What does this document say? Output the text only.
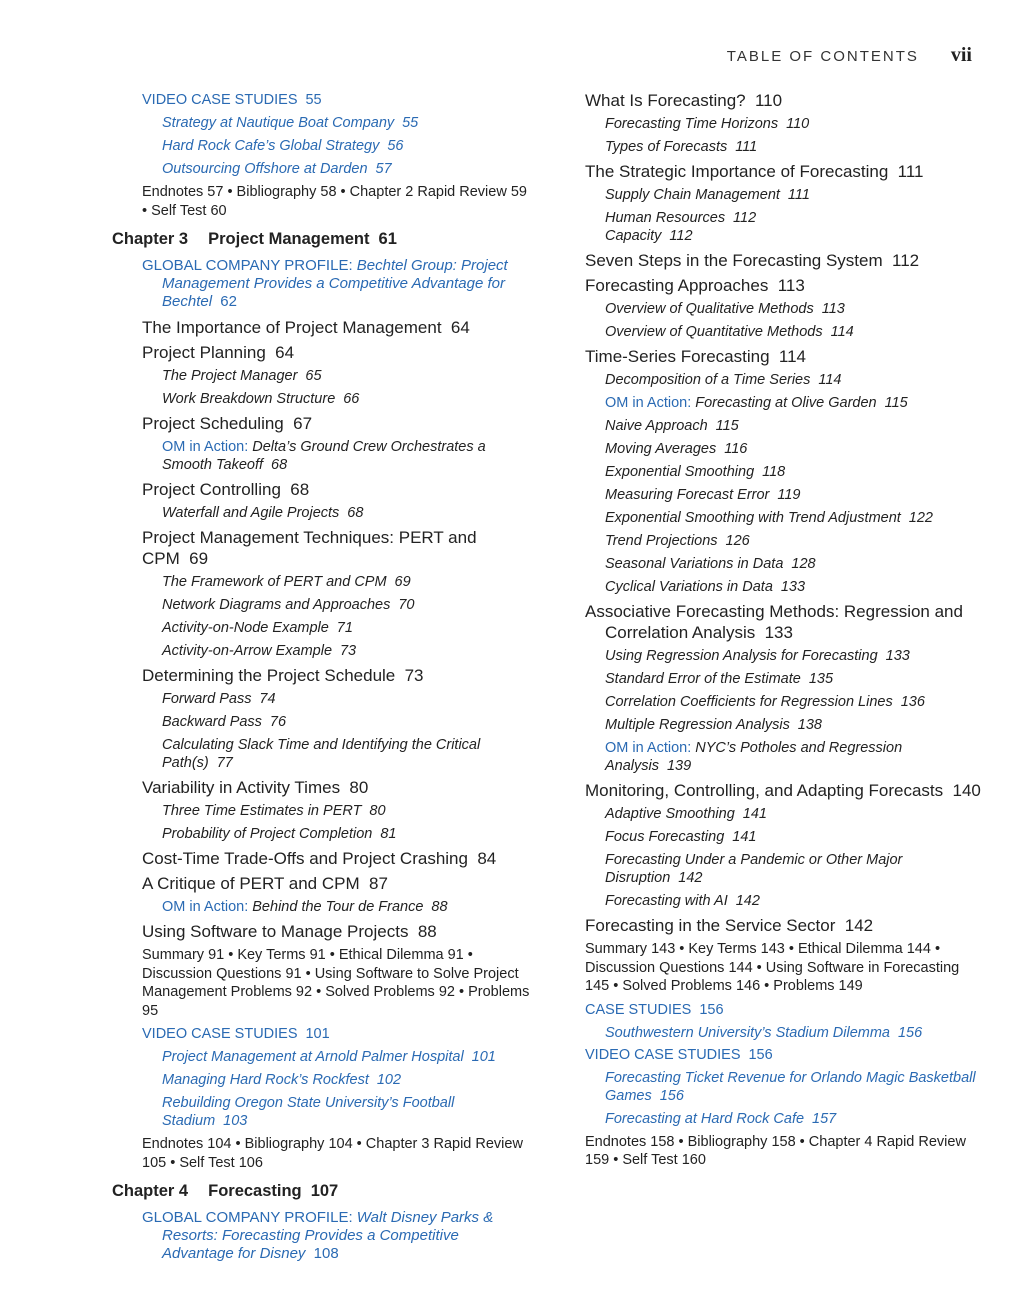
TABLE OF CONTENTS vii
VIDEO CASE STUDIES 55
Strategy at Nautique Boat Company 55
Hard Rock Cafe’s Global Strategy 56
Outsourcing Offshore at Darden 57
Endnotes 57 • Bibliography 58 • Chapter 2 Rapid Review 59 • Self Test 60
Chapter 3 Project Management 61
GLOBAL COMPANY PROFILE: Bechtel Group: Project Management Provides a Competitive Advantage for Bechtel 62
The Importance of Project Management 64
Project Planning 64
The Project Manager 65
Work Breakdown Structure 66
Project Scheduling 67
OM in Action: Delta’s Ground Crew Orchestrates a Smooth Takeoff 68
Project Controlling 68
Waterfall and Agile Projects 68
Project Management Techniques: PERT and CPM 69
The Framework of PERT and CPM 69
Network Diagrams and Approaches 70
Activity-on-Node Example 71
Activity-on-Arrow Example 73
Determining the Project Schedule 73
Forward Pass 74
Backward Pass 76
Calculating Slack Time and Identifying the Critical Path(s) 77
Variability in Activity Times 80
Three Time Estimates in PERT 80
Probability of Project Completion 81
Cost-Time Trade-Offs and Project Crashing 84
A Critique of PERT and CPM 87
OM in Action: Behind the Tour de France 88
Using Software to Manage Projects 88
Summary 91 • Key Terms 91 • Ethical Dilemma 91 • Discussion Questions 91 • Using Software to Solve Project Management Problems 92 • Solved Problems 92 • Problems 95
VIDEO CASE STUDIES 101
Project Management at Arnold Palmer Hospital 101
Managing Hard Rock’s Rockfest 102
Rebuilding Oregon State University’s Football Stadium 103
Endnotes 104 • Bibliography 104 • Chapter 3 Rapid Review 105 • Self Test 106
Chapter 4 Forecasting 107
GLOBAL COMPANY PROFILE: Walt Disney Parks & Resorts: Forecasting Provides a Competitive Advantage for Disney 108
What Is Forecasting? 110
Forecasting Time Horizons 110
Types of Forecasts 111
The Strategic Importance of Forecasting 111
Supply Chain Management 111
Human Resources 112
Capacity 112
Seven Steps in the Forecasting System 112
Forecasting Approaches 113
Overview of Qualitative Methods 113
Overview of Quantitative Methods 114
Time-Series Forecasting 114
Decomposition of a Time Series 114
OM in Action: Forecasting at Olive Garden 115
Naive Approach 115
Moving Averages 116
Exponential Smoothing 118
Measuring Forecast Error 119
Exponential Smoothing with Trend Adjustment 122
Trend Projections 126
Seasonal Variations in Data 128
Cyclical Variations in Data 133
Associative Forecasting Methods: Regression and Correlation Analysis 133
Using Regression Analysis for Forecasting 133
Standard Error of the Estimate 135
Correlation Coefficients for Regression Lines 136
Multiple Regression Analysis 138
OM in Action: NYC’s Potholes and Regression Analysis 139
Monitoring, Controlling, and Adapting Forecasts 140
Adaptive Smoothing 141
Focus Forecasting 141
Forecasting Under a Pandemic or Other Major Disruption 142
Forecasting with AI 142
Forecasting in the Service Sector 142
Summary 143 • Key Terms 143 • Ethical Dilemma 144 • Discussion Questions 144 • Using Software in Forecasting 145 • Solved Problems 146 • Problems 149
CASE STUDIES 156
Southwestern University’s Stadium Dilemma 156
VIDEO CASE STUDIES 156
Forecasting Ticket Revenue for Orlando Magic Basketball Games 156
Forecasting at Hard Rock Cafe 157
Endnotes 158 • Bibliography 158 • Chapter 4 Rapid Review 159 • Self Test 160
